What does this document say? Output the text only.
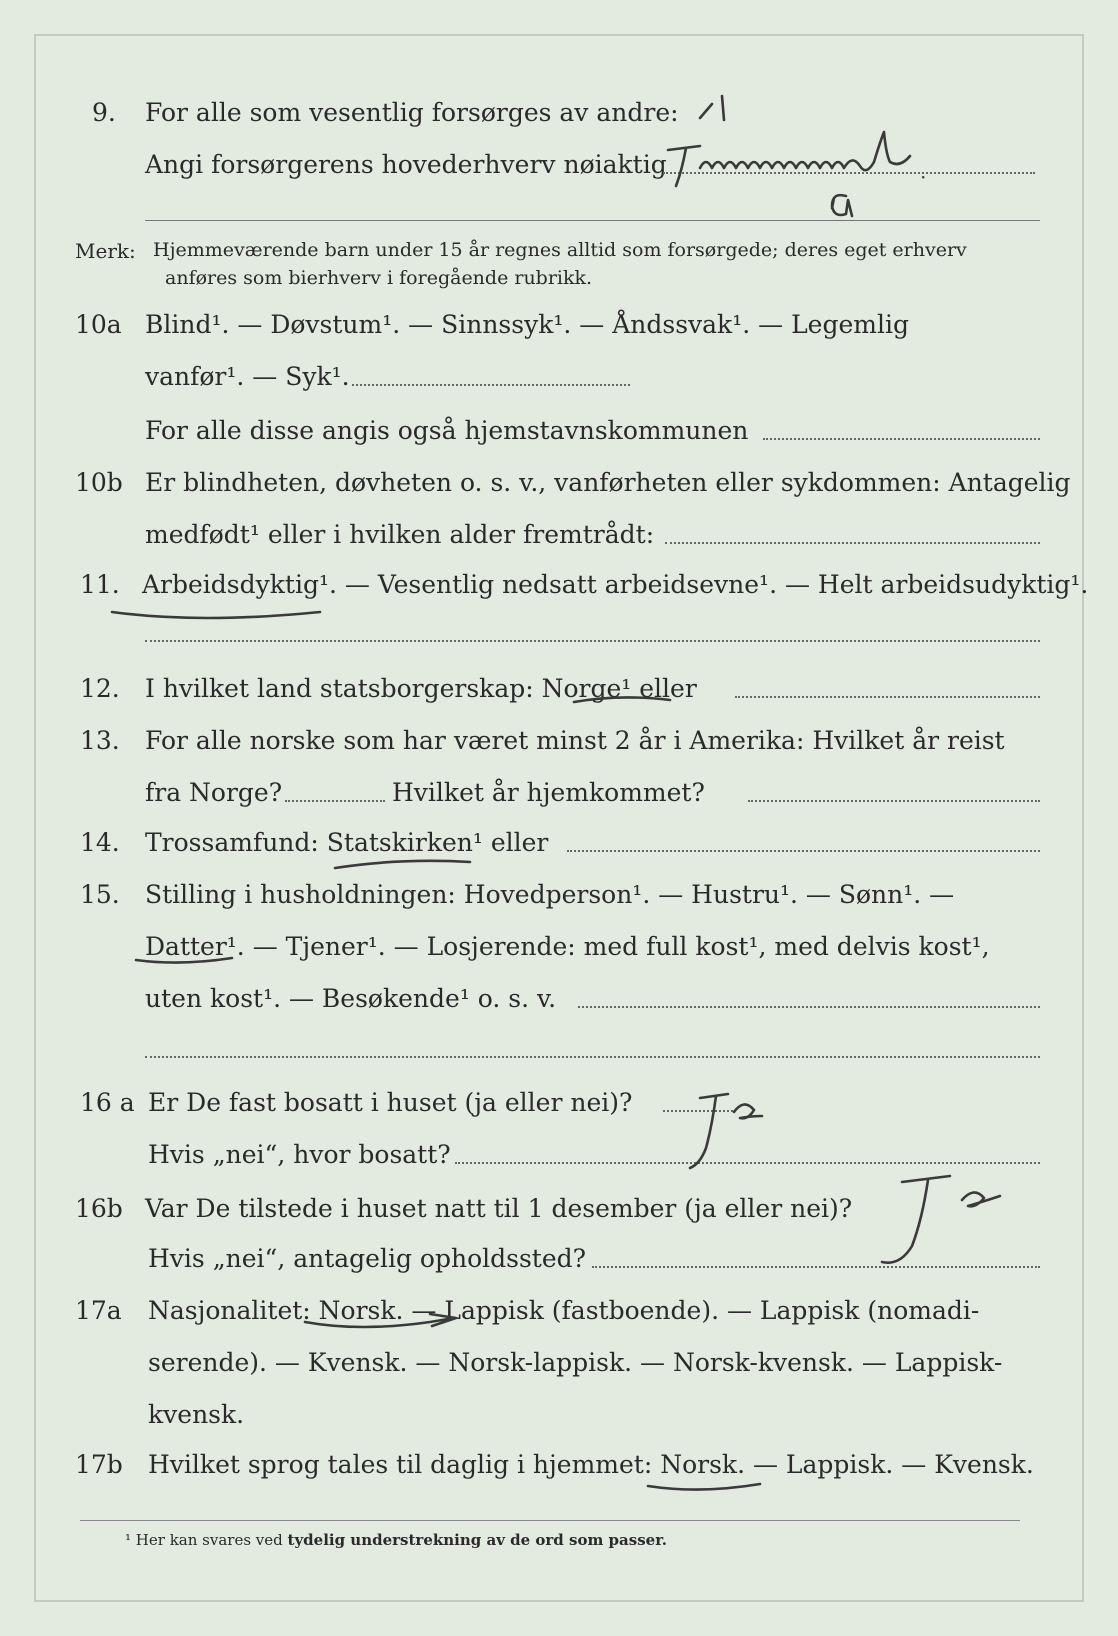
9. For alle som vesentlig forsørges av andre:
Angi forsørgerens hovederhverv nøiaktig
Merk: Hjemmeværende barn under 15 år regnes alltid som forsørgede; deres eget erhverv
anføres som bierhverv i foregående rubrikk.
10a Blind¹. — Døvstum¹. — Sinnssyk¹. — Åndssvak¹. — Legemlig
vanfør¹. — Syk¹.
For alle disse angis også hjemstavnskommunen
10b Er blindheten, døvheten o. s. v., vanførheten eller sykdommen: Antagelig
medfødt¹ eller i hvilken alder fremtrådt:
11. Arbeidsdyktig¹. — Vesentlig nedsatt arbeidsevne¹. — Helt arbeidsudyktig¹.
12. I hvilket land statsborgerskap: Norge¹ eller
13. For alle norske som har været minst 2 år i Amerika: Hvilket år reist
fra Norge?	Hvilket år hjemkommet?
14. Trossamfund: Statskirken¹ eller
15. Stilling i husholdningen: Hovedperson¹. — Hustru¹. — Sønn¹. —
Datter¹. — Tjener¹. — Losjerende: med full kost¹, med delvis kost¹,
uten kost¹. — Besøkende¹ o. s. v.
16 a Er De fast bosatt i huset (ja eller nei)?
Hvis „nei“, hvor bosatt?
16b Var De tilstede i huset natt til 1 desember (ja eller nei)?
Hvis „nei“, antagelig opholdssted?
17a Nasjonalitet: Norsk. — Lappisk (fastboende). — Lappisk (nomadi-
serende). — Kvensk. — Norsk-lappisk. — Norsk-kvensk. — Lappisk-
kvensk.
17b Hvilket sprog tales til daglig i hjemmet: Norsk. — Lappisk. — Kvensk.
¹ Her kan svares ved tydelig understrekning av de ord som passer.
·
